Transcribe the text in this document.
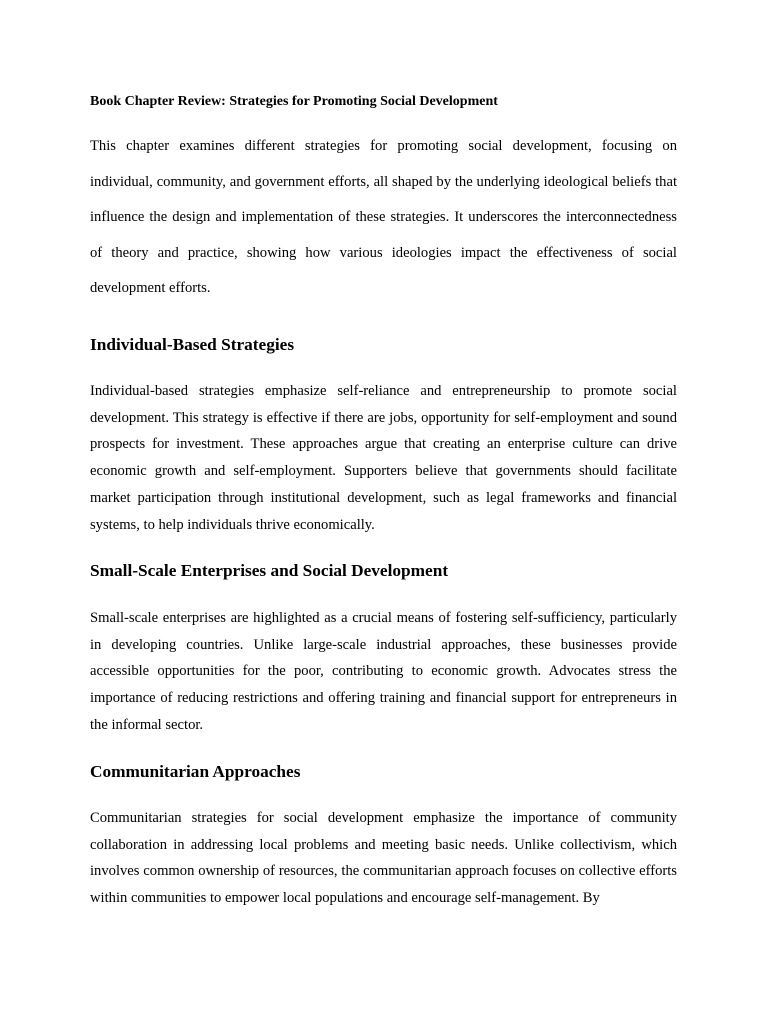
Book Chapter Review: Strategies for Promoting Social Development

This chapter examines different strategies for promoting social development, focusing on individual, community, and government efforts, all shaped by the underlying ideological beliefs that influence the design and implementation of these strategies. It underscores the interconnectedness of theory and practice, showing how various ideologies impact the effectiveness of social development efforts.

Individual-Based Strategies

Individual-based strategies emphasize self-reliance and entrepreneurship to promote social development. This strategy is effective if there are jobs, opportunity for self-employment and sound prospects for investment. These approaches argue that creating an enterprise culture can drive economic growth and self-employment. Supporters believe that governments should facilitate market participation through institutional development, such as legal frameworks and financial systems, to help individuals thrive economically.

Small-Scale Enterprises and Social Development

Small-scale enterprises are highlighted as a crucial means of fostering self-sufficiency, particularly in developing countries. Unlike large-scale industrial approaches, these businesses provide accessible opportunities for the poor, contributing to economic growth. Advocates stress the importance of reducing restrictions and offering training and financial support for entrepreneurs in the informal sector.

Communitarian Approaches

Communitarian strategies for social development emphasize the importance of community collaboration in addressing local problems and meeting basic needs. Unlike collectivism, which involves common ownership of resources, the communitarian approach focuses on collective efforts within communities to empower local populations and encourage self-management. By
